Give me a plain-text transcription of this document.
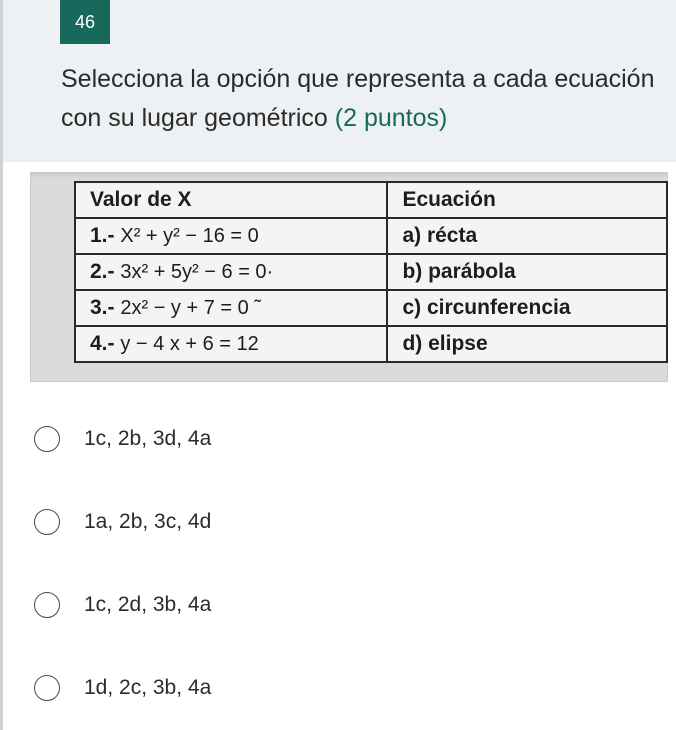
46
Selecciona la opción que representa a cada ecuación con su lugar geométrico (2 puntos)
Valor de X	Ecuación
1.- X² + y² − 16 = 0	a) récta
2.- 3x² + 5y² − 6 = 0·	b) parábola
3.- 2x² − y + 7 = 0 ˜	c) circunferencia
4.- y − 4 x + 6 = 12	d) elipse
1c, 2b, 3d, 4a
1a, 2b, 3c, 4d
1c, 2d, 3b, 4a
1d, 2c, 3b, 4a
